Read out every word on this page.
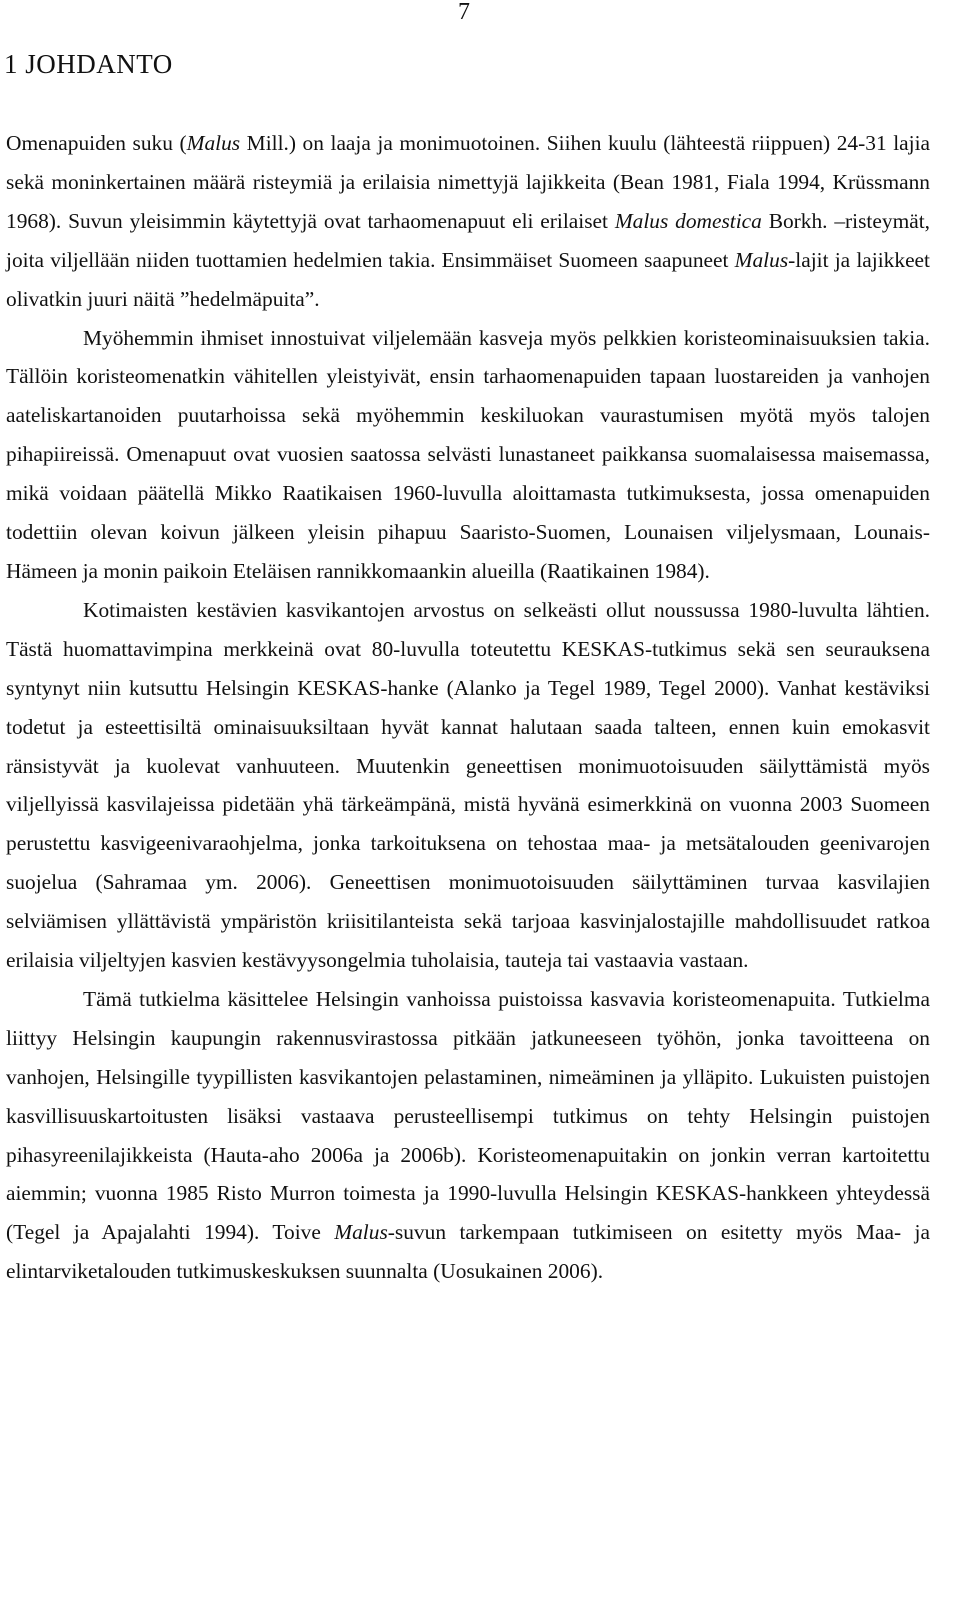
7
1 JOHDANTO

Omenapuiden suku (Malus Mill.) on laaja ja monimuotoinen. Siihen kuulu (lähteestä riippuen) 24-31 lajia sekä moninkertainen määrä risteymiä ja erilaisia nimettyjä lajikkeita (Bean 1981, Fiala 1994, Krüssmann 1968). Suvun yleisimmin käytettyjä ovat tarhaomenapuut eli erilaiset Malus domestica Borkh. –risteymät, joita viljellään niiden tuottamien hedelmien takia. Ensimmäiset Suomeen saapuneet Malus-lajit ja lajikkeet olivatkin juuri näitä ”hedelmäpuita”.

Myöhemmin ihmiset innostuivat viljelemään kasveja myös pelkkien koristeominaisuuksien takia. Tällöin koristeomenatkin vähitellen yleistyivät, ensin tarhaomenapuiden tapaan luostareiden ja vanhojen aateliskartanoiden puutarhoissa sekä myöhemmin keskiluokan vaurastumisen myötä myös talojen pihapiireissä. Omenapuut ovat vuosien saatossa selvästi lunastaneet paikkansa suomalaisessa maisemassa, mikä voidaan päätellä Mikko Raatikaisen 1960-luvulla aloittamasta tutkimuksesta, jossa omenapuiden todettiin olevan koivun jälkeen yleisin pihapuu Saaristo-Suomen, Lounaisen viljelysmaan, Lounais-Hämeen ja monin paikoin Eteläisen rannikkomaankin alueilla (Raatikainen 1984).

Kotimaisten kestävien kasvikantojen arvostus on selkeästi ollut noussussa 1980-luvulta lähtien. Tästä huomattavimpina merkkeinä ovat 80-luvulla toteutettu KESKAS-tutkimus sekä sen seurauksena syntynyt niin kutsuttu Helsingin KESKAS-hanke (Alanko ja Tegel 1989, Tegel 2000). Vanhat kestäviksi todetut ja esteettisiltä ominaisuuksiltaan hyvät kannat halutaan saada talteen, ennen kuin emokasvit ränsistyvät ja kuolevat vanhuuteen. Muutenkin geneettisen monimuotoisuuden säilyttämistä myös viljellyissä kasvilajeissa pidetään yhä tärkeämpänä, mistä hyvänä esimerkkinä on vuonna 2003 Suomeen perustettu kasvigeenivaraohjelma, jonka tarkoituksena on tehostaa maa- ja metsätalouden geenivarojen suojelua (Sahramaa ym. 2006). Geneettisen monimuotoisuuden säilyttäminen turvaa kasvilajien selviämisen yllättävistä ympäristön kriisitilanteista sekä tarjoaa kasvinjalostajille mahdollisuudet ratkoa erilaisia viljeltyjen kasvien kestävyysongelmia tuholaisia, tauteja tai vastaavia vastaan.

Tämä tutkielma käsittelee Helsingin vanhoissa puistoissa kasvavia koristeomenapuita. Tutkielma liittyy Helsingin kaupungin rakennusvirastossa pitkään jatkuneeseen työhön, jonka tavoitteena on vanhojen, Helsingille tyypillisten kasvikantojen pelastaminen, nimeäminen ja ylläpito. Lukuisten puistojen kasvillisuuskartoitusten lisäksi vastaava perusteellisempi tutkimus on tehty Helsingin puistojen pihasyreenilajikkeista (Hauta-aho 2006a ja 2006b). Koristeomenapuitakin on jonkin verran kartoitettu aiemmin; vuonna 1985 Risto Murron toimesta ja 1990-luvulla Helsingin KESKAS-hankkeen yhteydessä (Tegel ja Apajalahti 1994). Toive Malus-suvun tarkempaan tutkimiseen on esitetty myös Maa- ja elintarviketalouden tutkimuskeskuksen suunnalta (Uosukainen 2006).
